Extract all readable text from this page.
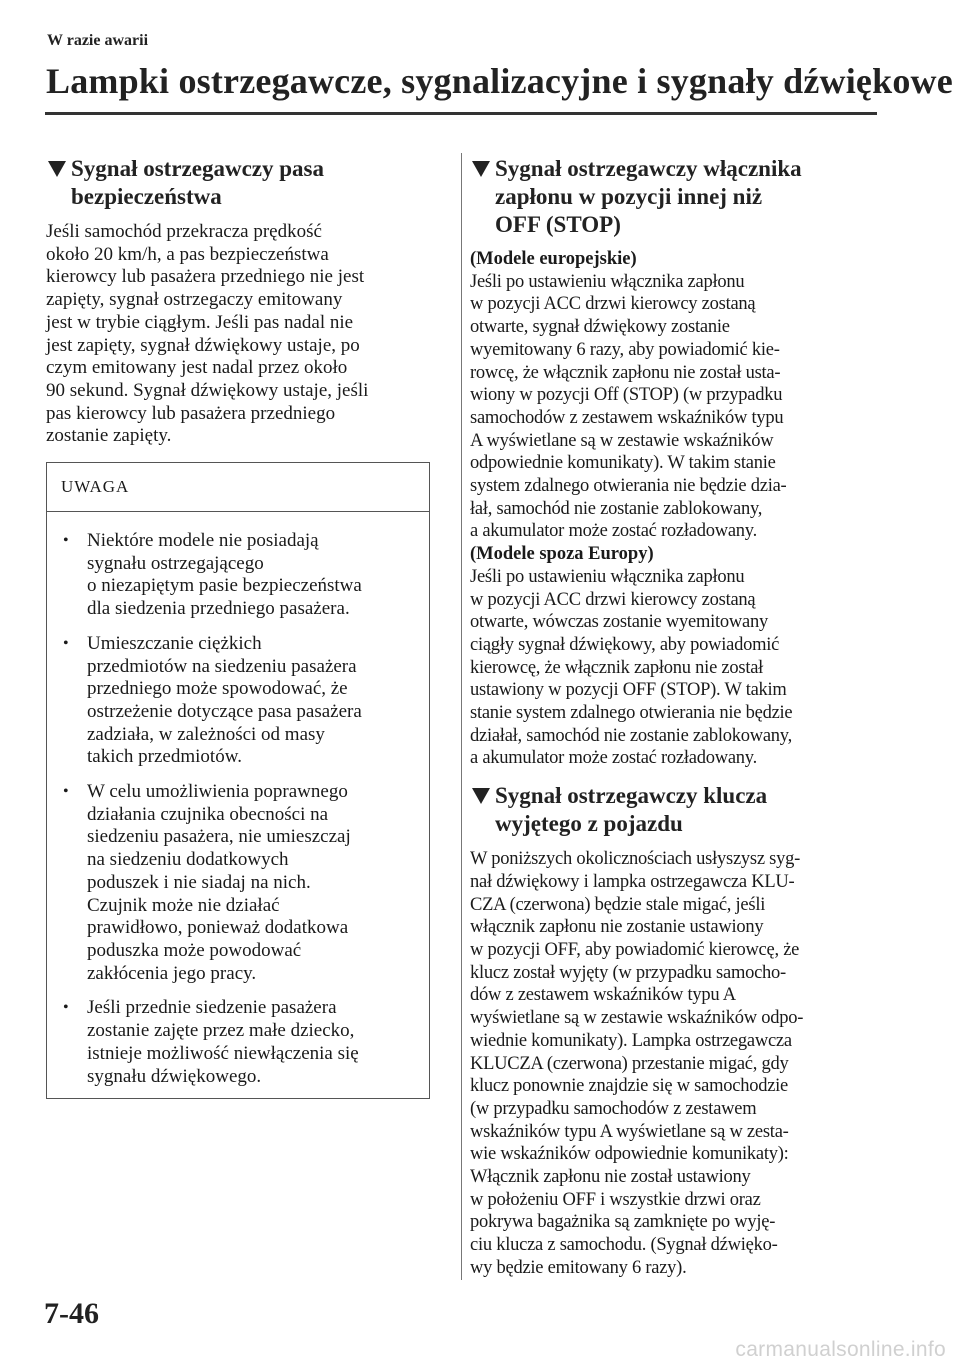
W razie awarii
Lampki ostrzegawcze, sygnalizacyjne i sygnały dźwiękowe
Sygnał ostrzegawczy pasa
bezpieczeństwa

Jeśli samochód przekracza prędkość

około 20 km/h, a pas bezpieczeństwa

kierowcy lub pasażera przedniego nie jest

zapięty, sygnał ostrzegaczy emitowany

jest w trybie ciągłym. Jeśli pas nadal nie

jest zapięty, sygnał dźwiękowy ustaje, po

czym emitowany jest nadal przez około

90 sekund. Sygnał dźwiękowy ustaje, jeśli

pas kierowcy lub pasażera przedniego

zostanie zapięty.

UWAGA
• Niektóre modele nie posiadają
sygnału ostrzegającego
o niezapiętym pasie bezpieczeństwa
dla siedzenia przedniego pasażera.
• Umieszczanie ciężkich
przedmiotów na siedzeniu pasażera
przedniego może spowodować, że
ostrzeżenie dotyczące pasa pasażera
zadziała, w zależności od masy
takich przedmiotów.
• W celu umożliwienia poprawnego
działania czujnika obecności na
siedzeniu pasażera, nie umieszczaj
na siedzeniu dodatkowych
poduszek i nie siadaj na nich.
Czujnik może nie działać
prawidłowo, ponieważ dodatkowa
poduszka może powodować
zakłócenia jego pracy.
• Jeśli przednie siedzenie pasażera
zostanie zajęte przez małe dziecko,
istnieje możliwość niewłączenia się
sygnału dźwiękowego.
Sygnał ostrzegawczy włącznika
zapłonu w pozycji innej niż
OFF (STOP)

(Modele europejskie)

Jeśli po ustawieniu włącznika zapłonu

w pozycji ACC drzwi kierowcy zostaną

otwarte, sygnał dźwiękowy zostanie

wyemitowany 6 razy, aby powiadomić kie-

rowcę, że włącznik zapłonu nie został usta-

wiony w pozycji Off (STOP) (w przypadku

samochodów z zestawem wskaźników typu

A wyświetlane są w zestawie wskaźników

odpowiednie komunikaty). W takim stanie

system zdalnego otwierania nie będzie dzia-

łał, samochód nie zostanie zablokowany,

a akumulator może zostać rozładowany.

(Modele spoza Europy)

Jeśli po ustawieniu włącznika zapłonu

w pozycji ACC drzwi kierowcy zostaną

otwarte, wówczas zostanie wyemitowany

ciągły sygnał dźwiękowy, aby powiadomić

kierowcę, że włącznik zapłonu nie został

ustawiony w pozycji OFF (STOP). W takim

stanie system zdalnego otwierania nie będzie

działał, samochód nie zostanie zablokowany,

a akumulator może zostać rozładowany.

Sygnał ostrzegawczy klucza
wyjętego z pojazdu

W poniższych okolicznościach usłyszysz syg-

nał dźwiękowy i lampka ostrzegawcza KLU-

CZA (czerwona) będzie stale migać, jeśli

włącznik zapłonu nie zostanie ustawiony

w pozycji OFF, aby powiadomić kierowcę, że

klucz został wyjęty (w przypadku samocho-

dów z zestawem wskaźników typu A

wyświetlane są w zestawie wskaźników odpo-

wiednie komunikaty). Lampka ostrzegawcza

KLUCZA (czerwona) przestanie migać, gdy

klucz ponownie znajdzie się w samochodzie

(w przypadku samochodów z zestawem

wskaźników typu A wyświetlane są w zesta-

wie wskaźników odpowiednie komunikaty):

Włącznik zapłonu nie został ustawiony

w położeniu OFF i wszystkie drzwi oraz

pokrywa bagażnika są zamknięte po wyję-

ciu klucza z samochodu. (Sygnał dźwięko-

wy będzie emitowany 6 razy).

7-46
carmanualsonline.info
